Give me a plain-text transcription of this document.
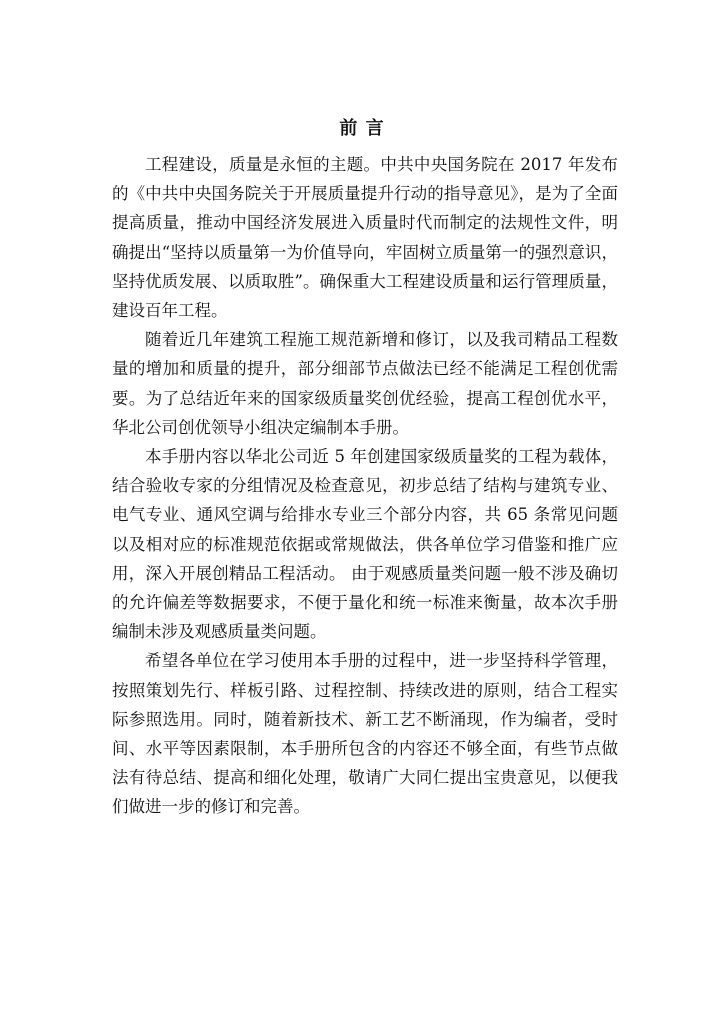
前 言

工程建设，质量是永恒的主题。中共中央国务院在 2017 年发布的《中共中央国务院关于开展质量提升行动的指导意见》，是为了全面提高质量，推动中国经济发展进入质量时代而制定的法规性文件，明确提出“坚持以质量第一为价值导向，牢固树立质量第一的强烈意识，坚持优质发展、以质取胜”。确保重大工程建设质量和运行管理质量，建设百年工程。

随着近几年建筑工程施工规范新增和修订，以及我司精品工程数量的增加和质量的提升，部分细部节点做法已经不能满足工程创优需要。为了总结近年来的国家级质量奖创优经验，提高工程创优水平，华北公司创优领导小组决定编制本手册。

本手册内容以华北公司近 5 年创建国家级质量奖的工程为载体，结合验收专家的分组情况及检查意见，初步总结了结构与建筑专业、电气专业、通风空调与给排水专业三个部分内容，共 65 条常见问题以及相对应的标准规范依据或常规做法，供各单位学习借鉴和推广应用，深入开展创精品工程活动。 由于观感质量类问题一般不涉及确切的允许偏差等数据要求，不便于量化和统一标准来衡量，故本次手册编制未涉及观感质量类问题。

希望各单位在学习使用本手册的过程中，进一步坚持科学管理，按照策划先行、样板引路、过程控制、持续改进的原则，结合工程实际参照选用。同时，随着新技术、新工艺不断涌现，作为编者，受时间、水平等因素限制，本手册所包含的内容还不够全面，有些节点做法有待总结、提高和细化处理，敬请广大同仁提出宝贵意见，以便我们做进一步的修订和完善。
